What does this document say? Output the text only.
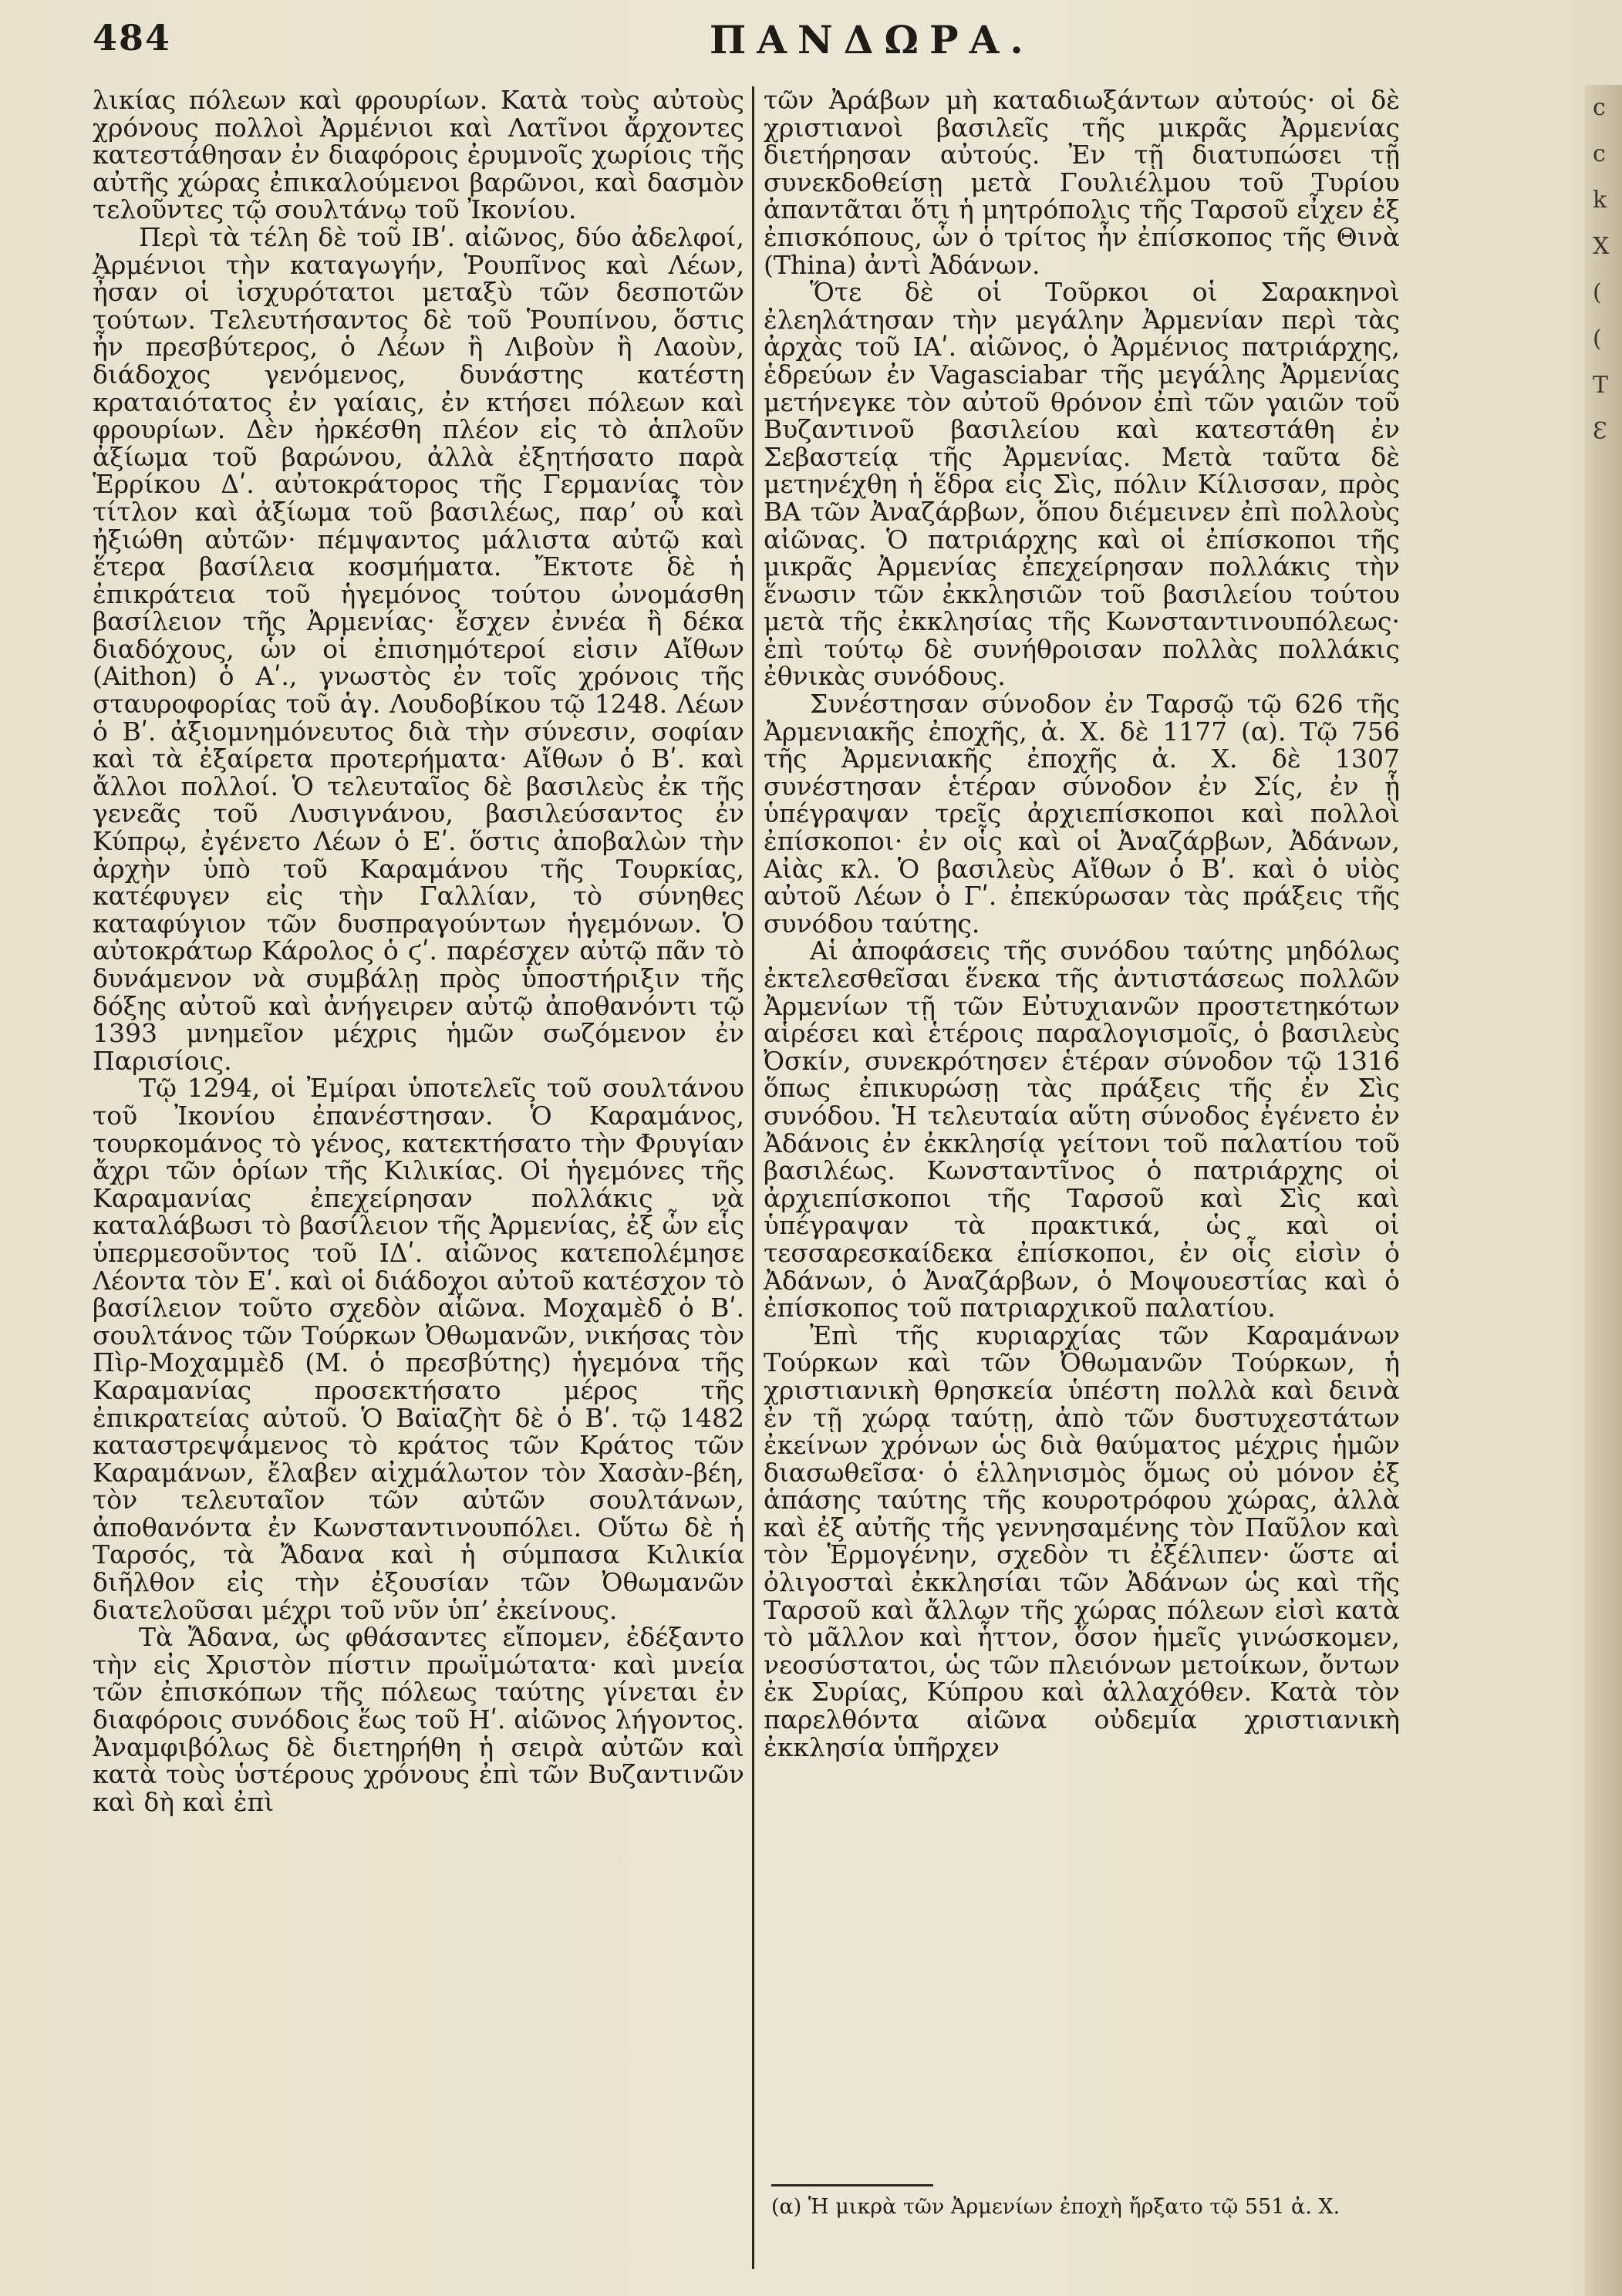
484	ΠΑΝΔΩΡΑ.

λικίας πόλεων καὶ φρουρίων. Κατὰ τοὺς αὐτοὺς χρόνους πολλοὶ Ἀρμένιοι καὶ Λατῖνοι ἄρχοντες κατεστάθησαν ἐν διαφόροις ἐρυμνοῖς χωρίοις τῆς αὐτῆς χώρας ἐπικαλούμενοι βαρῶνοι, καὶ δασμὸν τελοῦντες τῷ σουλτάνῳ τοῦ Ἰκονίου.

Περὶ τὰ τέλη δὲ τοῦ ΙΒʹ. αἰῶνος, δύο ἀδελφοί, Ἀρμένιοι τὴν καταγωγήν, Ῥουπῖνος καὶ Λέων, ἦσαν οἱ ἰσχυρότατοι μεταξὺ τῶν δεσποτῶν τούτων. Τελευτήσαντος δὲ τοῦ Ῥουπίνου, ὅστις ἦν πρεσβύτερος, ὁ Λέων ἢ Λιβοὺν ἢ Λαοὺν, διάδοχος γενόμενος, δυνάστης κατέστη κραταιότατος ἐν γαίαις, ἐν κτήσει πόλεων καὶ φρουρίων. Δὲν ἠρκέσθη πλέον εἰς τὸ ἁπλοῦν ἀξίωμα τοῦ βαρώνου, ἀλλὰ ἐξητήσατο παρὰ Ἑρρίκου Δʹ. αὐτοκράτορος τῆς Γερμανίας τὸν τίτλον καὶ ἀξίωμα τοῦ βασιλέως, παρʼ οὗ καὶ ἠξιώθη αὐτῶν· πέμψαντος μάλιστα αὐτῷ καὶ ἕτερα βασίλεια κοσμήματα. Ἔκτοτε δὲ ἡ ἐπικράτεια τοῦ ἡγεμόνος τούτου ὠνομάσθη βασίλειον τῆς Ἀρμενίας· ἔσχεν ἐννέα ἢ δέκα διαδόχους, ὧν οἱ ἐπισημότεροί εἰσιν Αἴθων (Aithon) ὁ Αʹ., γνωστὸς ἐν τοῖς χρόνοις τῆς σταυροφορίας τοῦ ἁγ. Λουδοβίκου τῷ 1248. Λέων ὁ Βʹ. ἀξιομνημόνευτος διὰ τὴν σύνεσιν, σοφίαν καὶ τὰ ἐξαίρετα προτερήματα· Αἴθων ὁ Βʹ. καὶ ἄλλοι πολλοί. Ὁ τελευταῖος δὲ βασιλεὺς ἐκ τῆς γενεᾶς τοῦ Λυσιγνάνου, βασιλεύσαντος ἐν Κύπρῳ, ἐγένετο Λέων ὁ Εʹ. ὅστις ἀποβαλὼν τὴν ἀρχὴν ὑπὸ τοῦ Καραμάνου τῆς Τουρκίας, κατέφυγεν εἰς τὴν Γαλλίαν, τὸ σύνηθες καταφύγιον τῶν δυσπραγούντων ἡγεμόνων. Ὁ αὐτοκράτωρ Κάρολος ὁ ϛʹ. παρέσχεν αὐτῷ πᾶν τὸ δυνάμενον νὰ συμβάλῃ πρὸς ὑποστήριξιν τῆς δόξης αὐτοῦ καὶ ἀνήγειρεν αὐτῷ ἀποθανόντι τῷ 1393 μνημεῖον μέχρις ἡμῶν σωζόμενον ἐν Παρισίοις.

Τῷ 1294, οἱ Ἐμίραι ὑποτελεῖς τοῦ σουλτάνου τοῦ Ἰκονίου ἐπανέστησαν. Ὁ Καραμάνος, τουρκομάνος τὸ γένος, κατεκτήσατο τὴν Φρυγίαν ἄχρι τῶν ὁρίων τῆς Κιλικίας. Οἱ ἡγεμόνες τῆς Καραμανίας ἐπεχείρησαν πολλάκις νὰ καταλάβωσι τὸ βασίλειον τῆς Ἀρμενίας, ἐξ ὧν εἷς ὑπερμεσοῦντος τοῦ ΙΔʹ. αἰῶνος κατεπολέμησε Λέοντα τὸν Εʹ. καὶ οἱ διάδοχοι αὐτοῦ κατέσχον τὸ βασίλειον τοῦτο σχεδὸν αἰῶνα. Μοχαμὲδ ὁ Βʹ. σουλτάνος τῶν Τούρκων Ὀθωμανῶν, νικήσας τὸν Πὶρ-Μοχαμμὲδ (Μ. ὁ πρεσβύτης) ἡγεμόνα τῆς Καραμανίας προσεκτήσατο μέρος τῆς ἐπικρατείας αὐτοῦ. Ὁ Βαϊαζὴτ δὲ ὁ Βʹ. τῷ 1482 καταστρεψάμενος τὸ κράτος τῶν Κράτος τῶν Καραμάνων, ἔλαβεν αἰχμάλωτον τὸν Χασὰν-βέη, τὸν τελευταῖον τῶν αὐτῶν σουλτάνων, ἀποθανόντα ἐν Κωνσταντινουπόλει. Οὕτω δὲ ἡ Ταρσός, τὰ Ἄδανα καὶ ἡ σύμπασα Κιλικία διῆλθον εἰς τὴν ἐξουσίαν τῶν Ὀθωμανῶν διατελοῦσαι μέχρι τοῦ νῦν ὑπʼ ἐκείνους.

Τὰ Ἄδανα, ὡς φθάσαντες εἴπομεν, ἐδέξαντο τὴν εἰς Χριστὸν πίστιν πρωϊμώτατα· καὶ μνεία τῶν ἐπισκόπων τῆς πόλεως ταύτης γίνεται ἐν διαφόροις συνόδοις ἕως τοῦ Ηʹ. αἰῶνος λήγοντος. Ἀναμφιβόλως δὲ διετηρήθη ἡ σειρὰ αὐτῶν καὶ κατὰ τοὺς ὑστέρους χρόνους ἐπὶ τῶν Βυζαντινῶν καὶ δὴ καὶ ἐπὶ

τῶν Ἀράβων μὴ καταδιωξάντων αὐτούς· οἱ δὲ χριστιανοὶ βασιλεῖς τῆς μικρᾶς Ἀρμενίας διετήρησαν αὐτούς. Ἐν τῇ διατυπώσει τῇ συνεκδοθείσῃ μετὰ Γουλιέλμου τοῦ Τυρίου ἀπαντᾶται ὅτι ἡ μητρόπολις τῆς Ταρσοῦ εἶχεν ἐξ ἐπισκόπους, ὧν ὁ τρίτος ἦν ἐπίσκοπος τῆς Θινὰ (Thina) ἀντὶ Ἀδάνων.

Ὅτε δὲ οἱ Τοῦρκοι οἱ Σαρακηνοὶ ἐλεηλάτησαν τὴν μεγάλην Ἀρμενίαν περὶ τὰς ἀρχὰς τοῦ ΙΑʹ. αἰῶνος, ὁ Ἀρμένιος πατριάρχης, ἑδρεύων ἐν Vagasciabar τῆς μεγάλης Ἀρμενίας μετήνεγκε τὸν αὐτοῦ θρόνον ἐπὶ τῶν γαιῶν τοῦ Βυζαντινοῦ βασιλείου καὶ κατεστάθη ἐν Σεβαστείᾳ τῆς Ἀρμενίας. Μετὰ ταῦτα δὲ μετηνέχθη ἡ ἕδρα εἰς Σὶς, πόλιν Κίλισσαν, πρὸς ΒΑ τῶν Ἀναζάρβων, ὅπου διέμεινεν ἐπὶ πολλοὺς αἰῶνας. Ὁ πατριάρχης καὶ οἱ ἐπίσκοποι τῆς μικρᾶς Ἀρμενίας ἐπεχείρησαν πολλάκις τὴν ἕνωσιν τῶν ἐκκλησιῶν τοῦ βασιλείου τούτου μετὰ τῆς ἐκκλησίας τῆς Κωνσταντινουπόλεως· ἐπὶ τούτῳ δὲ συνήθροισαν πολλὰς πολλάκις ἐθνικὰς συνόδους.

Συνέστησαν σύνοδον ἐν Ταρσῷ τῷ 626 τῆς Ἀρμενιακῆς ἐποχῆς, ἀ. Χ. δὲ 1177 (α). Τῷ 756 τῆς Ἀρμενιακῆς ἐποχῆς ἀ. Χ. δὲ 1307 συνέστησαν ἑτέραν σύνοδον ἐν Σίς, ἐν ᾗ ὑπέγραψαν τρεῖς ἀρχιεπίσκοποι καὶ πολλοὶ ἐπίσκοποι· ἐν οἷς καὶ οἱ Ἀναζάρβων, Ἀδάνων, Αἰὰς κλ. Ὁ βασιλεὺς Αἴθων ὁ Βʹ. καὶ ὁ υἱὸς αὐτοῦ Λέων ὁ Γʹ. ἐπεκύρωσαν τὰς πράξεις τῆς συνόδου ταύτης.

Αἱ ἀποφάσεις τῆς συνόδου ταύτης μηδόλως ἐκτελεσθεῖσαι ἕνεκα τῆς ἀντιστάσεως πολλῶν Ἀρμενίων τῇ τῶν Εὐτυχιανῶν προστετηκότων αἱρέσει καὶ ἑτέροις παραλογισμοῖς, ὁ βασιλεὺς Ὀσκίν, συνεκρότησεν ἑτέραν σύνοδον τῷ 1316 ὅπως ἐπικυρώσῃ τὰς πράξεις τῆς ἐν Σὶς συνόδου. Ἡ τελευταία αὕτη σύνοδος ἐγένετο ἐν Ἀδάνοις ἐν ἐκκλησίᾳ γείτονι τοῦ παλατίου τοῦ βασιλέως. Κωνσταντῖνος ὁ πατριάρχης οἱ ἀρχιεπίσκοποι τῆς Ταρσοῦ καὶ Σὶς καὶ ὑπέγραψαν τὰ πρακτικά, ὡς καὶ οἱ τεσσαρεσκαίδεκα ἐπίσκοποι, ἐν οἷς εἰσὶν ὁ Ἀδάνων, ὁ Ἀναζάρβων, ὁ Μοψουεστίας καὶ ὁ ἐπίσκοπος τοῦ πατριαρχικοῦ παλατίου.

Ἐπὶ τῆς κυριαρχίας τῶν Καραμάνων Τούρκων καὶ τῶν Ὀθωμανῶν Τούρκων, ἡ χριστιανικὴ θρησκεία ὑπέστη πολλὰ καὶ δεινὰ ἐν τῇ χώρᾳ ταύτῃ, ἀπὸ τῶν δυστυχεστάτων ἐκείνων χρόνων ὡς διὰ θαύματος μέχρις ἡμῶν διασωθεῖσα· ὁ ἑλληνισμὸς ὅμως οὐ μόνον ἐξ ἁπάσης ταύτης τῆς κουροτρόφου χώρας, ἀλλὰ καὶ ἐξ αὐτῆς τῆς γεννησαμένης τὸν Παῦλον καὶ τὸν Ἑρμογένην, σχεδὸν τι ἐξέλιπεν· ὥστε αἱ ὀλιγοσταὶ ἐκκλησίαι τῶν Ἀδάνων ὡς καὶ τῆς Ταρσοῦ καὶ ἄλλων τῆς χώρας πόλεων εἰσὶ κατὰ τὸ μᾶλλον καὶ ἧττον, ὅσον ἡμεῖς γινώσκομεν, νεοσύστατοι, ὡς τῶν πλειόνων μετοίκων, ὄντων ἐκ Συρίας, Κύπρου καὶ ἀλλαχόθεν. Κατὰ τὸν παρελθόντα αἰῶνα οὐδεμία χριστιανικὴ ἐκκλησία ὑπῆρχεν

(α) Ἡ μικρὰ τῶν Ἀρμενίων ἐποχὴ ἤρξατο τῷ 551 ἀ. Χ.
c
c
k
X
(
(
T
Ɛ
